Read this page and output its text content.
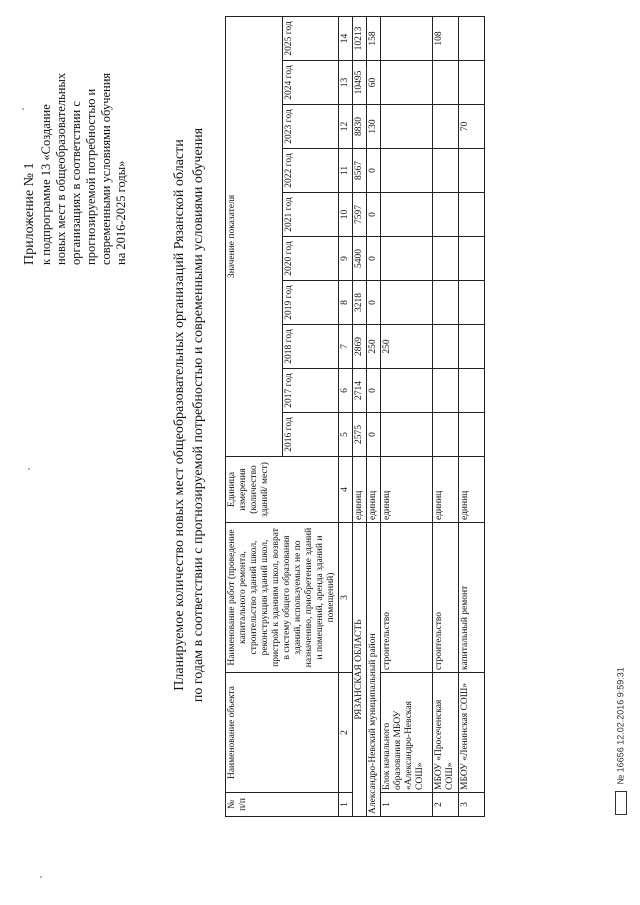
Приложение № 1 к подпрограмме 13 «Создание новых мест в общеобразовательных организациях в соответствии с прогнозируемой потребностью и современными условиями обучения на 2016-2025 годы»	Планируемое количество новых мест общеобразовательных организаций Рязанской области по годам в соответствии с прогнозируемой потребностью и современными условиями обучения
№ п/п	Наименование объекта	Наименование работ (проведение капитального ремонта, строительство зданий школ, реконструкция зданий школ, пристрой к зданиям школ, возврат в систему общего образования зданий, используемых не по назначению, приобретение зданий и помещений, аренда зданий и помещений)	Единица измерения (количество зданий/ мест)	Значение показателя									
				2016 год	2017 год	2018 год	2019 год	2020 год	2021 год	2022 год	2023 год	2024 год	2025 год
1	2	3	4	5	6	7	8	9	10	11	12	13	14
РЯЗАНСКАЯ ОБЛАСТЬ			единиц	2575	2714	2869	3218	5400	7597	8567	8830	10495	10213
Александро-Невский муниципальный район			единиц	0	0	250	0	0	0	0	130	60	158
1	Блок начального образования МБОУ «Александро-Невская СОШ»	строительство	единиц			250							
2	МБОУ «Просеченская СОШ»	строительство	единиц										108
3	МБОУ «Ленинская СОШ»	капитальный ремонт	единиц								70		
№ 16656 12.02.2016 9:59:31
